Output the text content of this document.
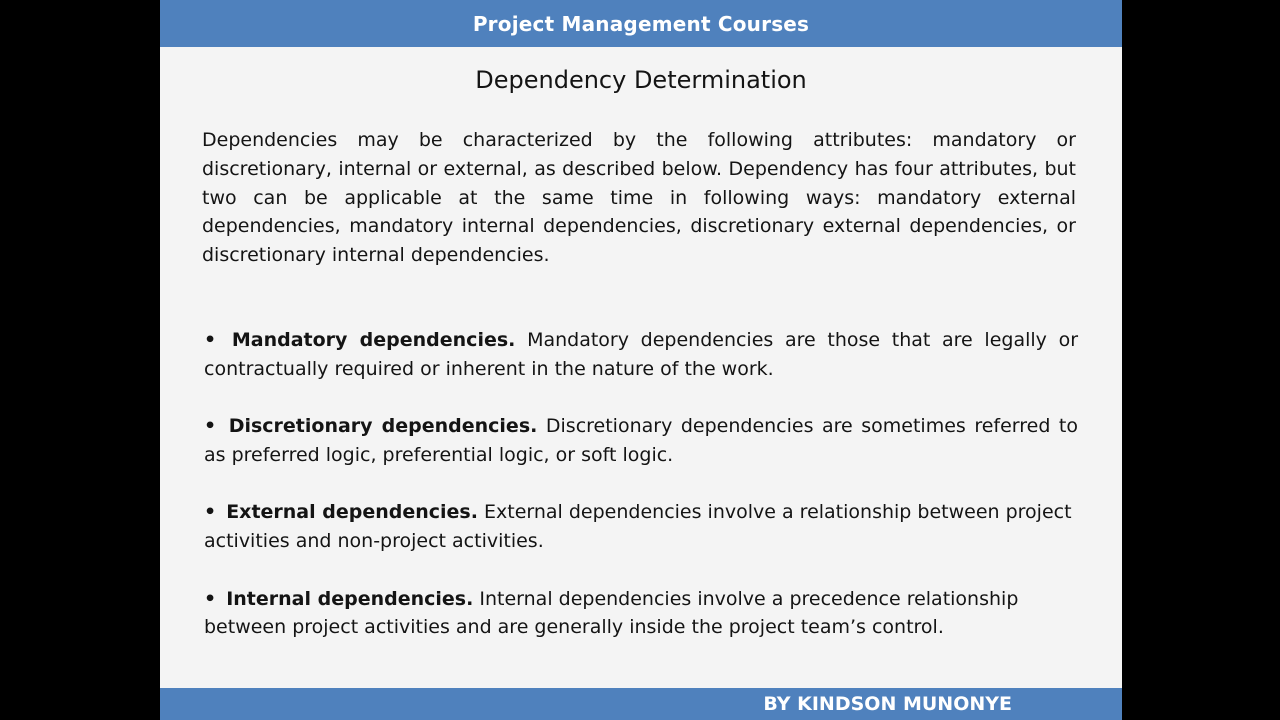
Project Management Courses
Dependency Determination

Dependencies may be characterized by the following attributes: mandatory or discretionary, internal or external, as described below. Dependency has four attributes, but two can be applicable at the same time in following ways: mandatory external dependencies, mandatory internal dependencies, discretionary external dependencies, or discretionary internal dependencies.

• Mandatory dependencies. Mandatory dependencies are those that are legally or contractually required or inherent in the nature of the work.
• Discretionary dependencies. Discretionary dependencies are sometimes referred to as preferred logic, preferential logic, or soft logic.
• External dependencies. External dependencies involve a relationship between project activities and non-project activities.
• Internal dependencies. Internal dependencies involve a precedence relationship between project activities and are generally inside the project team’s control.
BY KINDSON MUNONYE
